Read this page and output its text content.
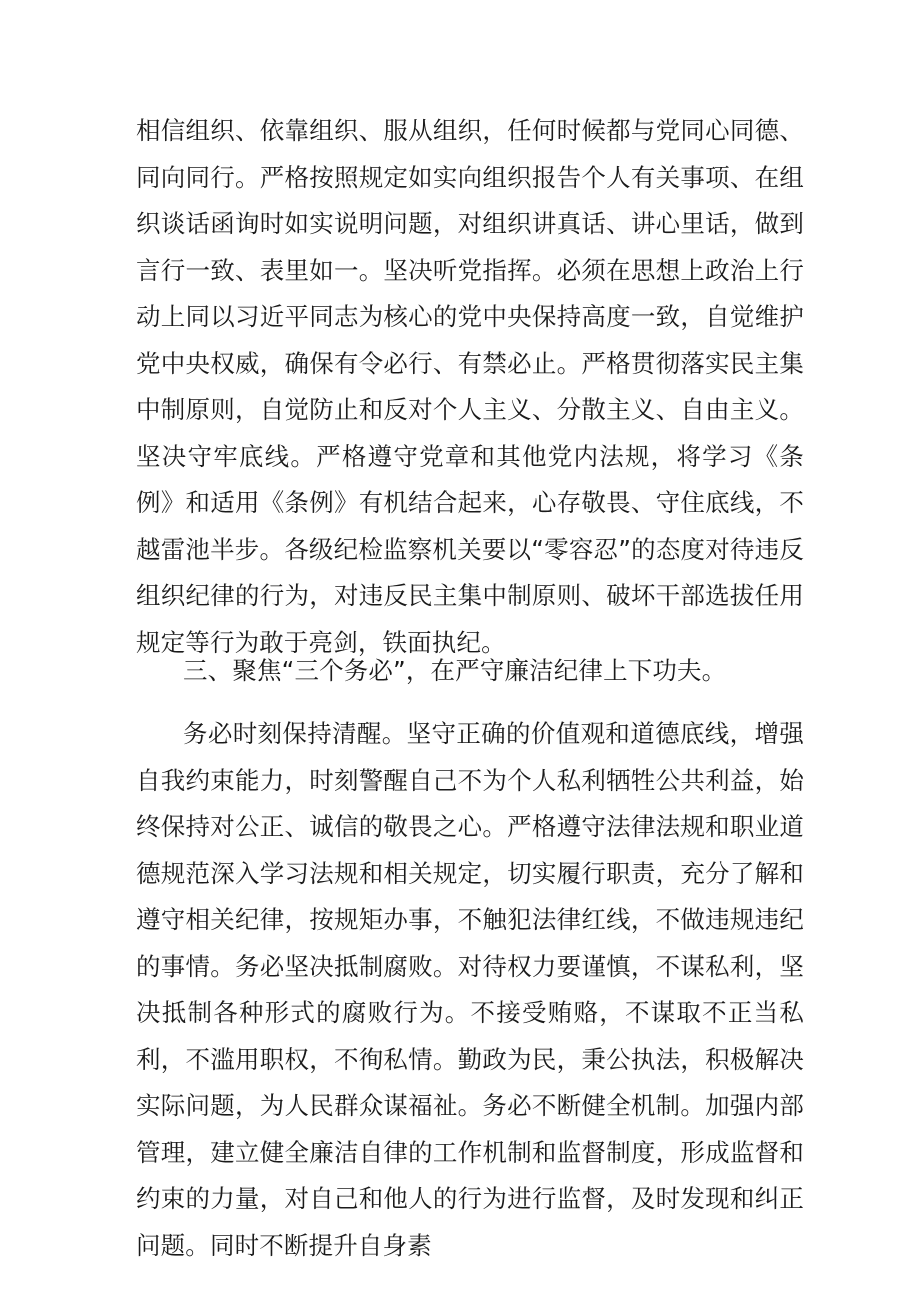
相信组织、依靠组织、服从组织，任何时候都与党同心同德、同向同行。严格按照规定如实向组织报告个人有关事项、在组织谈话函询时如实说明问题，对组织讲真话、讲心里话，做到言行一致、表里如一。坚决听党指挥。必须在思想上政治上行动上同以习近平同志为核心的党中央保持高度一致，自觉维护党中央权威，确保有令必行、有禁必止。严格贯彻落实民主集中制原则，自觉防止和反对个人主义、分散主义、自由主义。坚决守牢底线。严格遵守党章和其他党内法规，将学习《条例》和适用《条例》有机结合起来，心存敬畏、守住底线，不越雷池半步。各级纪检监察机关要以“零容忍”的态度对待违反组织纪律的行为，对违反民主集中制原则、破坏干部选拔任用规定等行为敢于亮剑，铁面执纪。

三、聚焦“三个务必”，在严守廉洁纪律上下功夫。

务必时刻保持清醒。坚守正确的价值观和道德底线，增强自我约束能力，时刻警醒自己不为个人私利牺牲公共利益，始终保持对公正、诚信的敬畏之心。严格遵守法律法规和职业道德规范深入学习法规和相关规定，切实履行职责，充分了解和遵守相关纪律，按规矩办事，不触犯法律红线，不做违规违纪的事情。务必坚决抵制腐败。对待权力要谨慎，不谋私利，坚决抵制各种形式的腐败行为。不接受贿赂，不谋取不正当私利，不滥用职权，不徇私情。勤政为民，秉公执法，积极解决实际问题，为人民群众谋福祉。务必不断健全机制。加强内部管理，建立健全廉洁自律的工作机制和监督制度，形成监督和约束的力量，对自己和他人的行为进行监督，及时发现和纠正问题。同时不断提升自身素
